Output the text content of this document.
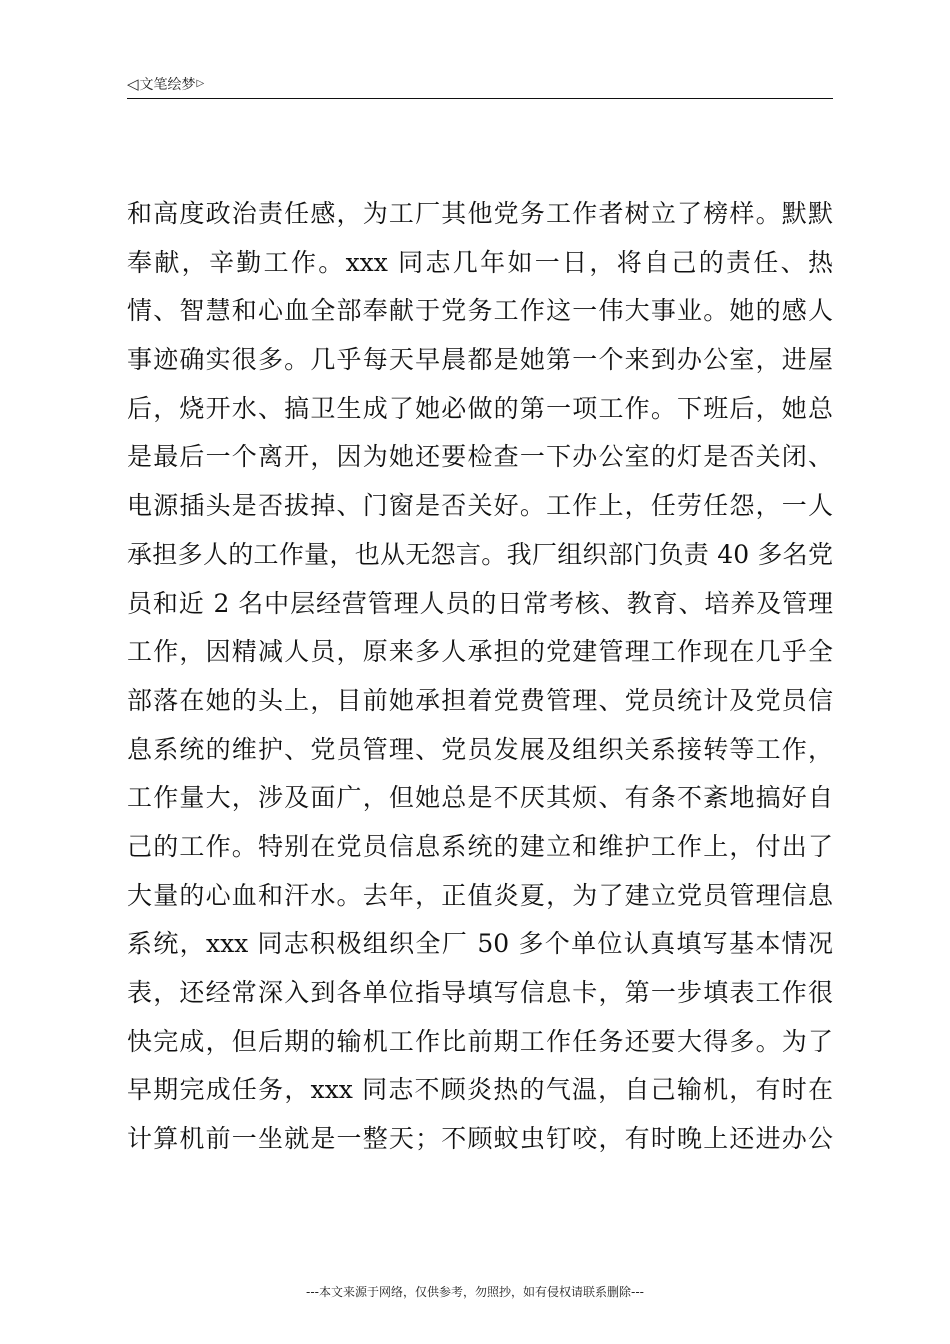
◁文笔绘梦▷
和高度政治责任感，为工厂其他党务工作者树立了榜样。默默
奉献，辛勤工作。xxx 同志几年如一日，将自己的责任、热
情、智慧和心血全部奉献于党务工作这一伟大事业。她的感人
事迹确实很多。几乎每天早晨都是她第一个来到办公室，进屋
后，烧开水、搞卫生成了她必做的第一项工作。下班后，她总
是最后一个离开，因为她还要检查一下办公室的灯是否关闭、
电源插头是否拔掉、门窗是否关好。工作上，任劳任怨，一人
承担多人的工作量，也从无怨言。我厂组织部门负责 40 多名党
员和近 2 名中层经营管理人员的日常考核、教育、培养及管理
工作，因精减人员，原来多人承担的党建管理工作现在几乎全
部落在她的头上，目前她承担着党费管理、党员统计及党员信
息系统的维护、党员管理、党员发展及组织关系接转等工作，
工作量大，涉及面广，但她总是不厌其烦、有条不紊地搞好自
己的工作。特别在党员信息系统的建立和维护工作上，付出了
大量的心血和汗水。去年，正值炎夏，为了建立党员管理信息
系统，xxx 同志积极组织全厂 50 多个单位认真填写基本情况
表，还经常深入到各单位指导填写信息卡，第一步填表工作很
快完成，但后期的输机工作比前期工作任务还要大得多。为了
早期完成任务，xxx 同志不顾炎热的气温，自己输机，有时在
计算机前一坐就是一整天；不顾蚊虫钉咬，有时晚上还进办公
---本文来源于网络，仅供参考，勿照抄，如有侵权请联系删除---
